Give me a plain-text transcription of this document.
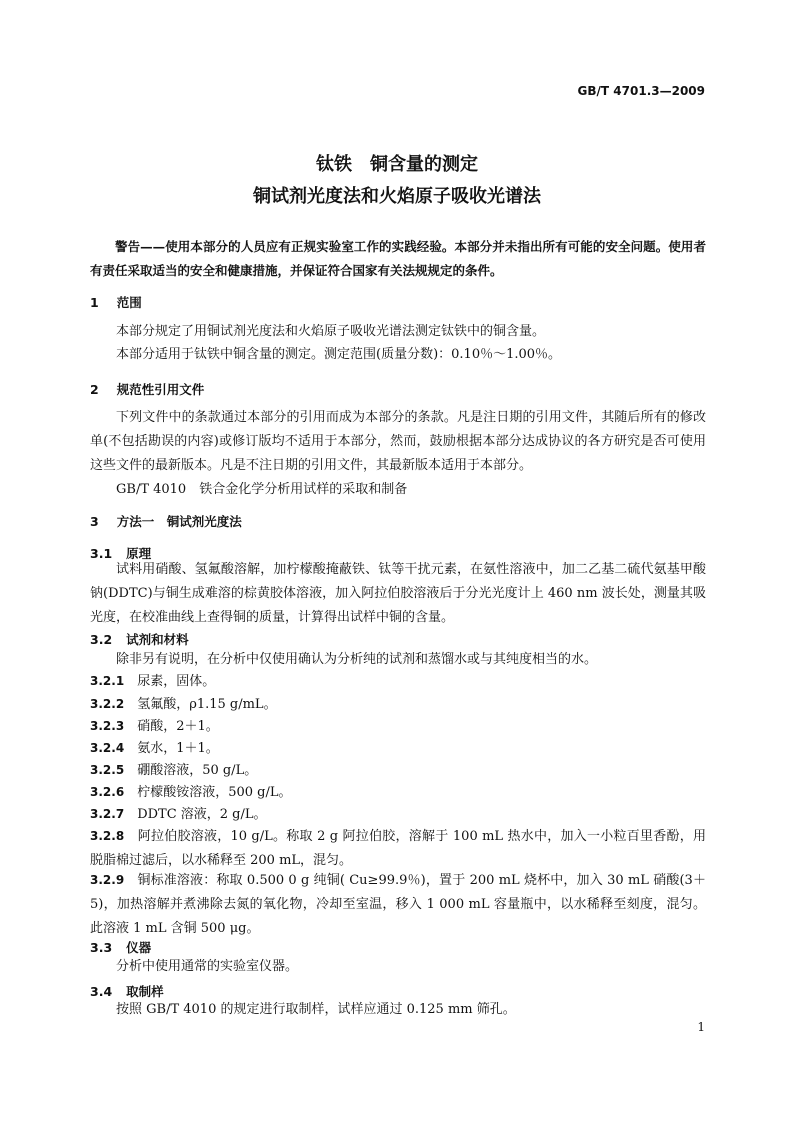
GB/T 4701.3—2009
钛铁　铜含量的测定
铜试剂光度法和火焰原子吸收光谱法
警告——使用本部分的人员应有正规实验室工作的实践经验。本部分并未指出所有可能的安全问题。使用者有责任采取适当的安全和健康措施，并保证符合国家有关法规规定的条件。
1 范围
本部分规定了用铜试剂光度法和火焰原子吸收光谱法测定钛铁中的铜含量。
本部分适用于钛铁中铜含量的测定。测定范围(质量分数)：0.10％～1.00％。
2 规范性引用文件
下列文件中的条款通过本部分的引用而成为本部分的条款。凡是注日期的引用文件，其随后所有的修改单(不包括勘误的内容)或修订版均不适用于本部分，然而，鼓励根据本部分达成协议的各方研究是否可使用这些文件的最新版本。凡是不注日期的引用文件，其最新版本适用于本部分。
GB/T 4010　铁合金化学分析用试样的采取和制备
3 方法一　铜试剂光度法
3.1 原理
试料用硝酸、氢氟酸溶解，加柠檬酸掩蔽铁、钛等干扰元素，在氨性溶液中，加二乙基二硫代氨基甲酸钠(DDTC)与铜生成难溶的棕黄胶体溶液，加入阿拉伯胶溶液后于分光光度计上 460 nm 波长处，测量其吸光度，在校准曲线上查得铜的质量，计算得出试样中铜的含量。
3.2 试剂和材料
除非另有说明，在分析中仅使用确认为分析纯的试剂和蒸馏水或与其纯度相当的水。
3.2.1　 尿素，固体。
3.2.2　 氢氟酸，ρ1.15 g/mL。
3.2.3　 硝酸，2＋1。
3.2.4　 氨水，1＋1。
3.2.5　 硼酸溶液，50 g/L。
3.2.6　 柠檬酸铵溶液，500 g/L。
3.2.7　 DDTC 溶液，2 g/L。
3.2.8　 阿拉伯胶溶液，10 g/L。称取 2 g 阿拉伯胶，溶解于 100 mL 热水中，加入一小粒百里香酚，用脱脂棉过滤后，以水稀释至 200 mL，混匀。
3.2.9　 铜标准溶液：称取 0.500 0 g 纯铜( Cu≥99.9％)，置于 200 mL 烧杯中，加入 30 mL 硝酸(3＋5)，加热溶解并煮沸除去氮的氧化物，冷却至室温，移入 1 000 mL 容量瓶中，以水稀释至刻度，混匀。此溶液 1 mL 含铜 500 μg。
3.3 仪器
分析中使用通常的实验室仪器。
3.4 取制样
按照 GB/T 4010 的规定进行取制样，试样应通过 0.125 mm 筛孔。
1
